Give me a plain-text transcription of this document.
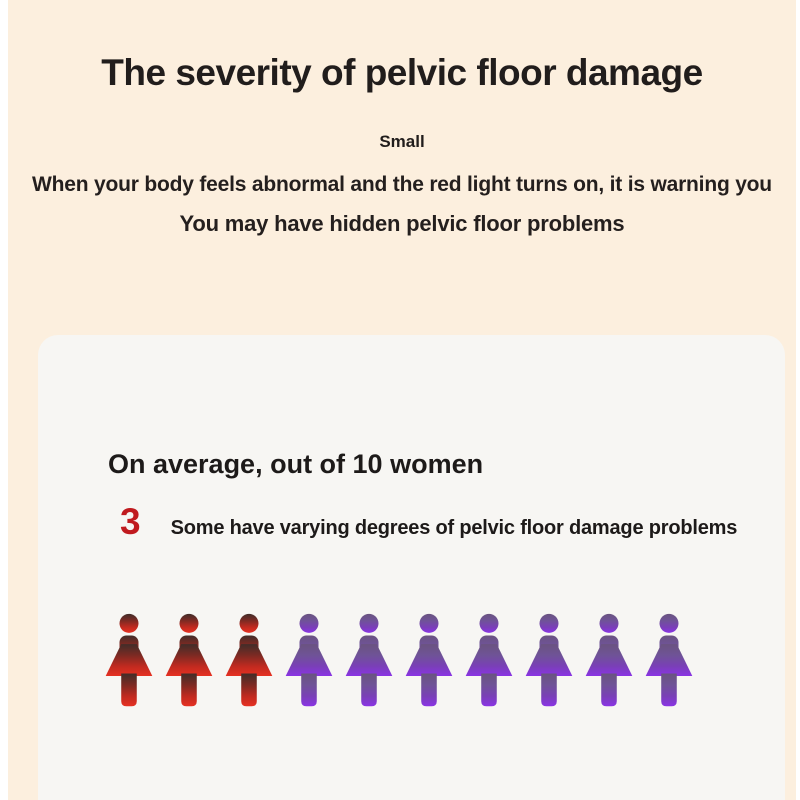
The severity of pelvic floor damage
Small
When your body feels abnormal and the red light turns on, it is warning you
You may have hidden pelvic floor problems
On average, out of 10 women
3 Some have varying degrees of pelvic floor damage problems
